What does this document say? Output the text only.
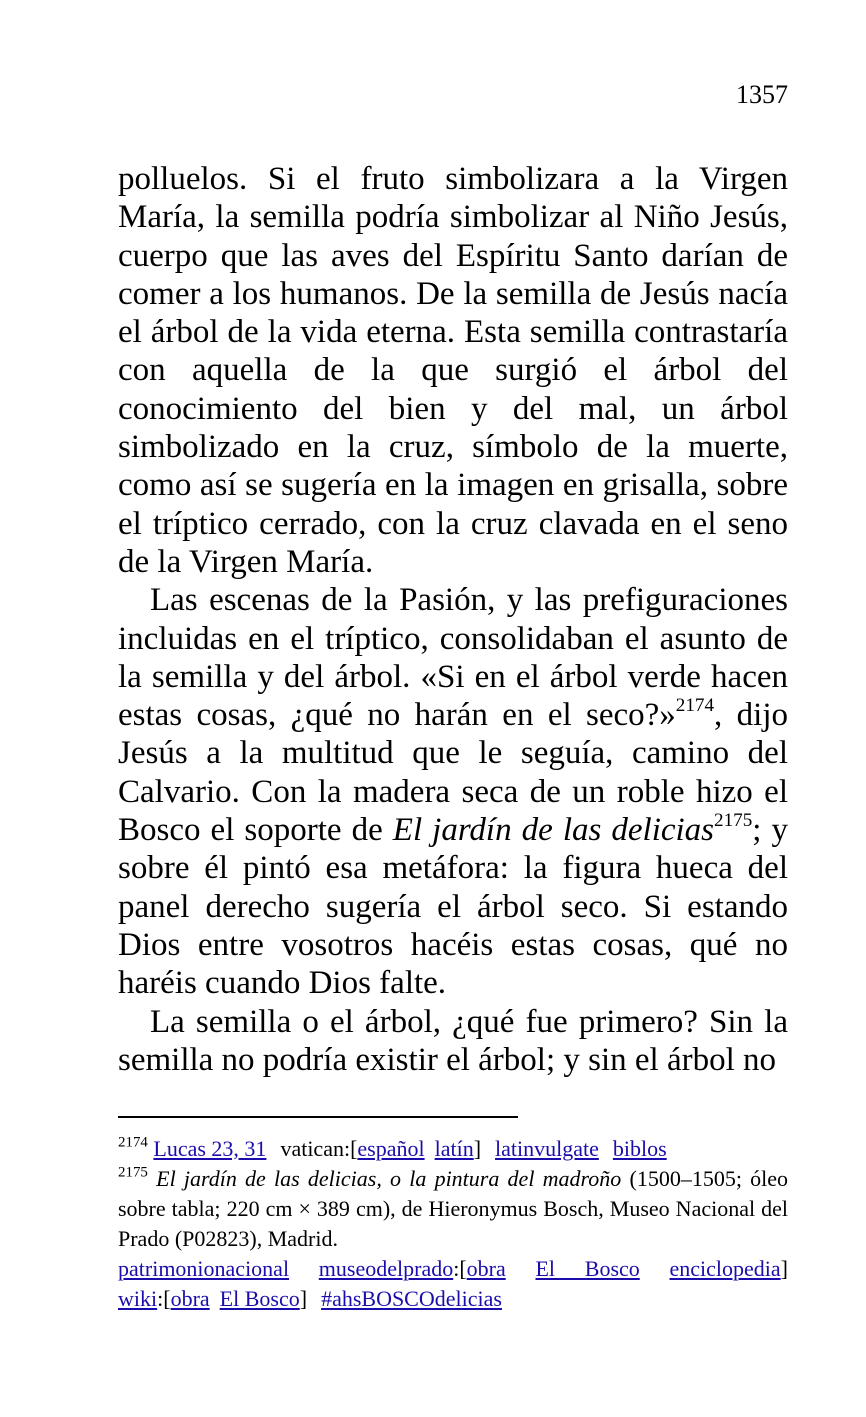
1357

polluelos. Si el fruto simbolizara a la Virgen María, la semilla podría simbolizar al Niño Jesús, cuerpo que las aves del Espíritu Santo darían de comer a los humanos. De la semilla de Jesús nacía el árbol de la vida eterna. Esta semilla contrastaría con aquella de la que surgió el árbol del conocimiento del bien y del mal, un árbol simbolizado en la cruz, símbolo de la muerte, como así se sugería en la imagen en grisalla, sobre el tríptico cerrado, con la cruz clavada en el seno de la Virgen María.

Las escenas de la Pasión, y las prefiguraciones incluidas en el tríptico, consolidaban el asunto de la semilla y del árbol. «Si en el árbol verde hacen estas cosas, ¿qué no harán en el seco?»$^{2174}$, dijo Jesús a la multitud que le seguía, camino del Calvario. Con la madera seca de un roble hizo el Bosco el soporte de El jardín de las delicias$^{2175}$; y sobre él pintó esa metáfora: la figura hueca del panel derecho sugería el árbol seco. Si estando Dios entre vosotros hacéis estas cosas, qué no haréis cuando Dios falte.

La semilla o el árbol, ¿qué fue primero? Sin la semilla no podría existir el árbol; y sin el árbol no

$^{2174}$ Lucas 23, 31 vatican:[español latín] latinvulgate biblos

$^{2175}$ El jardín de las delicias, o la pintura del madroño (1500–1505; óleo sobre tabla; 220 cm × 389 cm), de Hieronymus Bosch, Museo Nacional del Prado (P02823), Madrid.

patrimonionacional museodelprado:[obra El Bosco enciclopedia]

wiki:[obra El Bosco] #ahsBOSCOdelicias
